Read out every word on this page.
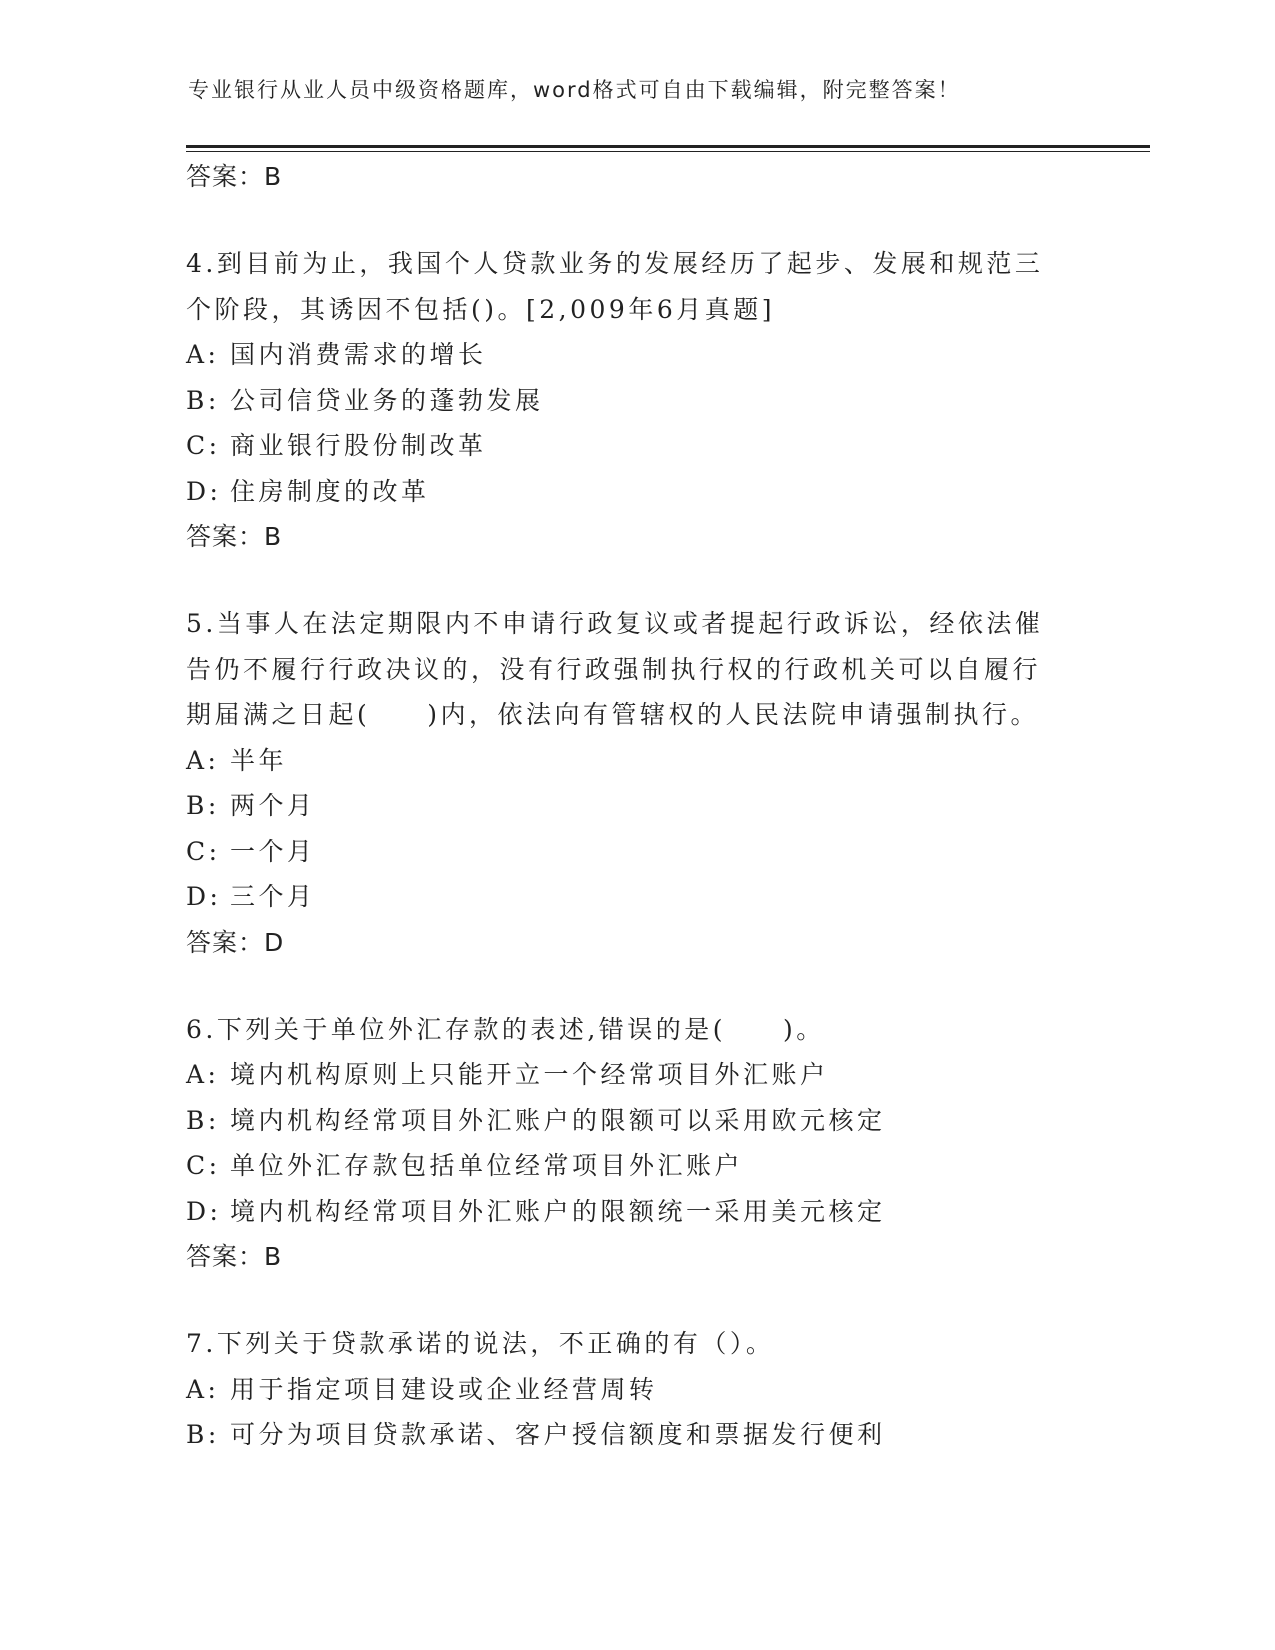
专业银行从业人员中级资格题库，word格式可自由下载编辑，附完整答案！
答案：B
4.到目前为止，我国个人贷款业务的发展经历了起步、发展和规范三个阶段，其诱因不包括()。[2,009年6月真题]
A: 国内消费需求的增长
B: 公司信贷业务的蓬勃发展
C: 商业银行股份制改革
D: 住房制度的改革
答案：B
5.当事人在法定期限内不申请行政复议或者提起行政诉讼，经依法催告仍不履行行政决议的，没有行政强制执行权的行政机关可以自履行期届满之日起(　　)内，依法向有管辖权的人民法院申请强制执行。
A: 半年
B: 两个月
C: 一个月
D: 三个月
答案：D
6.下列关于单位外汇存款的表述,错误的是(　　)。
A: 境内机构原则上只能开立一个经常项目外汇账户
B: 境内机构经常项目外汇账户的限额可以采用欧元核定
C: 单位外汇存款包括单位经常项目外汇账户
D: 境内机构经常项目外汇账户的限额统一采用美元核定
答案：B
7.下列关于贷款承诺的说法，不正确的有（）。
A: 用于指定项目建设或企业经营周转
B: 可分为项目贷款承诺、客户授信额度和票据发行便利
